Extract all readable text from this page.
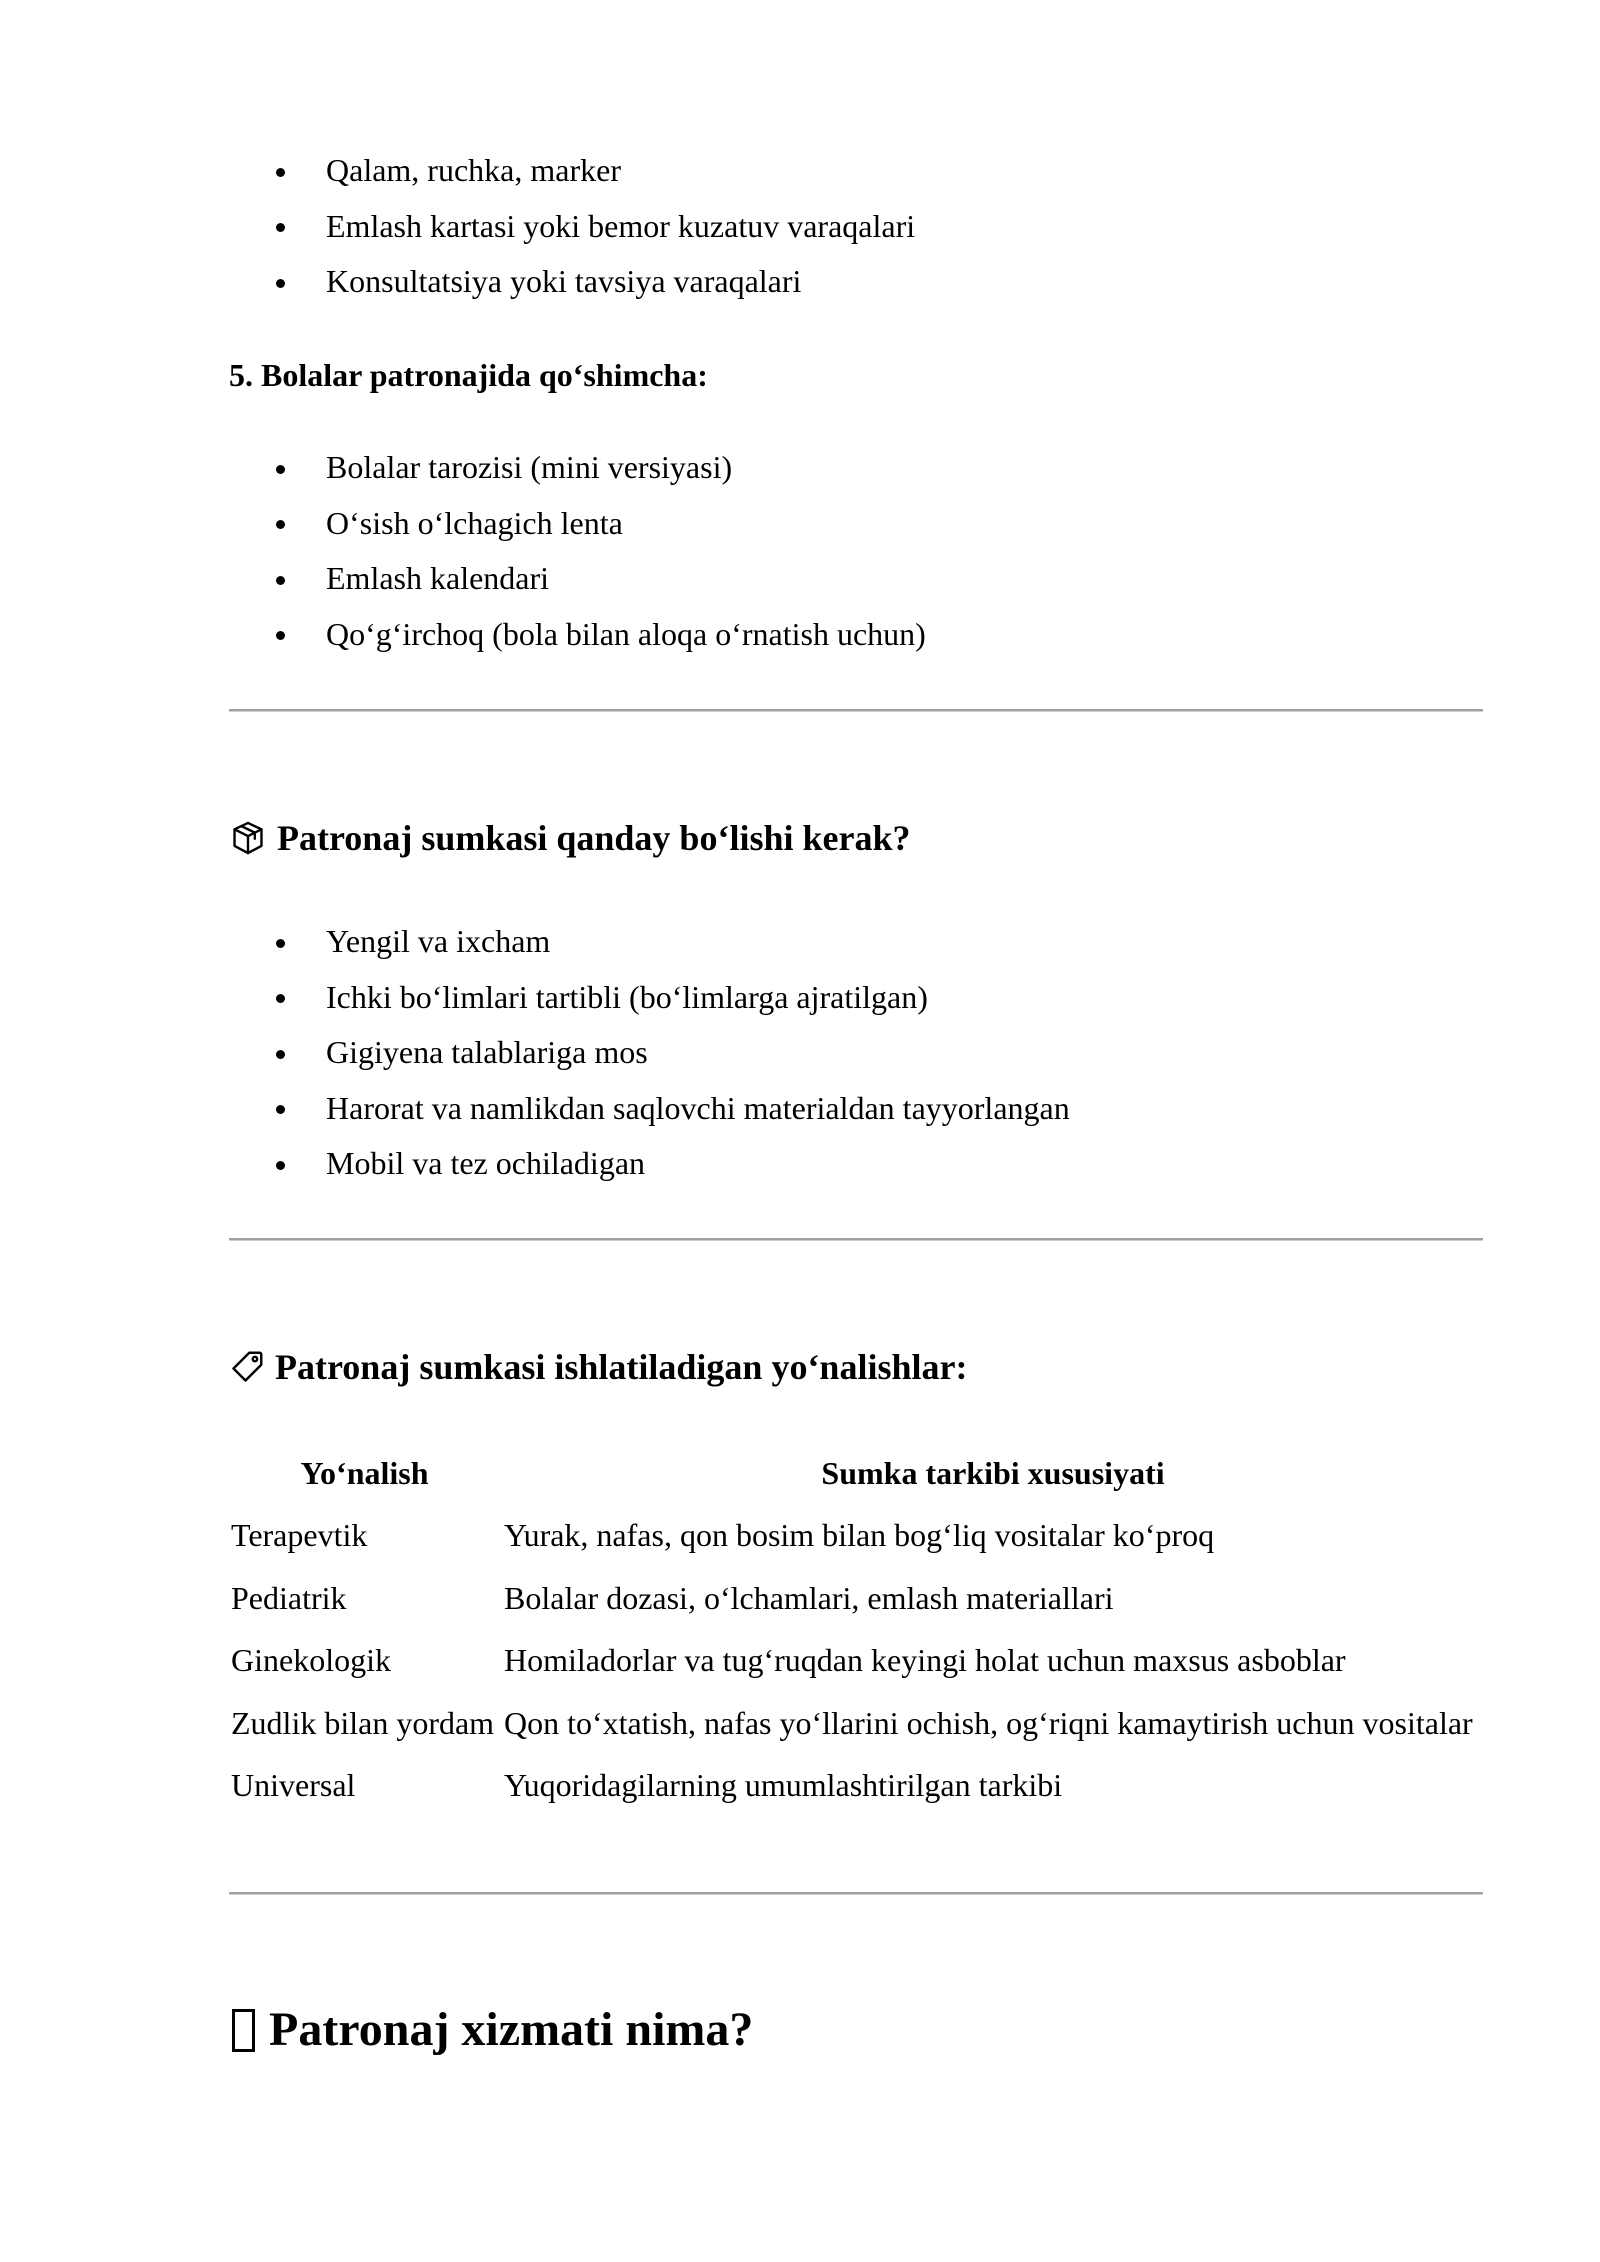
Qalam, ruchka, marker
Emlash kartasi yoki bemor kuzatuv varaqalari
Konsultatsiya yoki tavsiya varaqalari

5. Bolalar patronajida qo‘shimcha:

Bolalar tarozisi (mini versiyasi)
O‘sish o‘lchagich lenta
Emlash kalendari
Qo‘g‘irchoq (bola bilan aloqa o‘rnatish uchun)
Patronaj sumkasi qanday bo‘lishi kerak?
Yengil va ixcham
Ichki bo‘limlari tartibli (bo‘limlarga ajratilgan)
Gigiyena talablariga mos
Harorat va namlikdan saqlovchi materialdan tayyorlangan
Mobil va tez ochiladigan
Patronaj sumkasi ishlatiladigan yo‘nalishlar:
Yo‘nalish	Sumka tarkibi xususiyati
Terapevtik	Yurak, nafas, qon bosim bilan bog‘liq vositalar ko‘proq
Pediatrik	Bolalar dozasi, o‘lchamlari, emlash materiallari
Ginekologik	Homiladorlar va tug‘ruqdan keyingi holat uchun maxsus asboblar
Zudlik bilan yordam	Qon to‘xtatish, nafas yo‘llarini ochish, og‘riqni kamaytirish uchun vositalar
Universal	Yuqoridagilarning umumlashtirilgan tarkibi
Patronaj xizmati nima?
